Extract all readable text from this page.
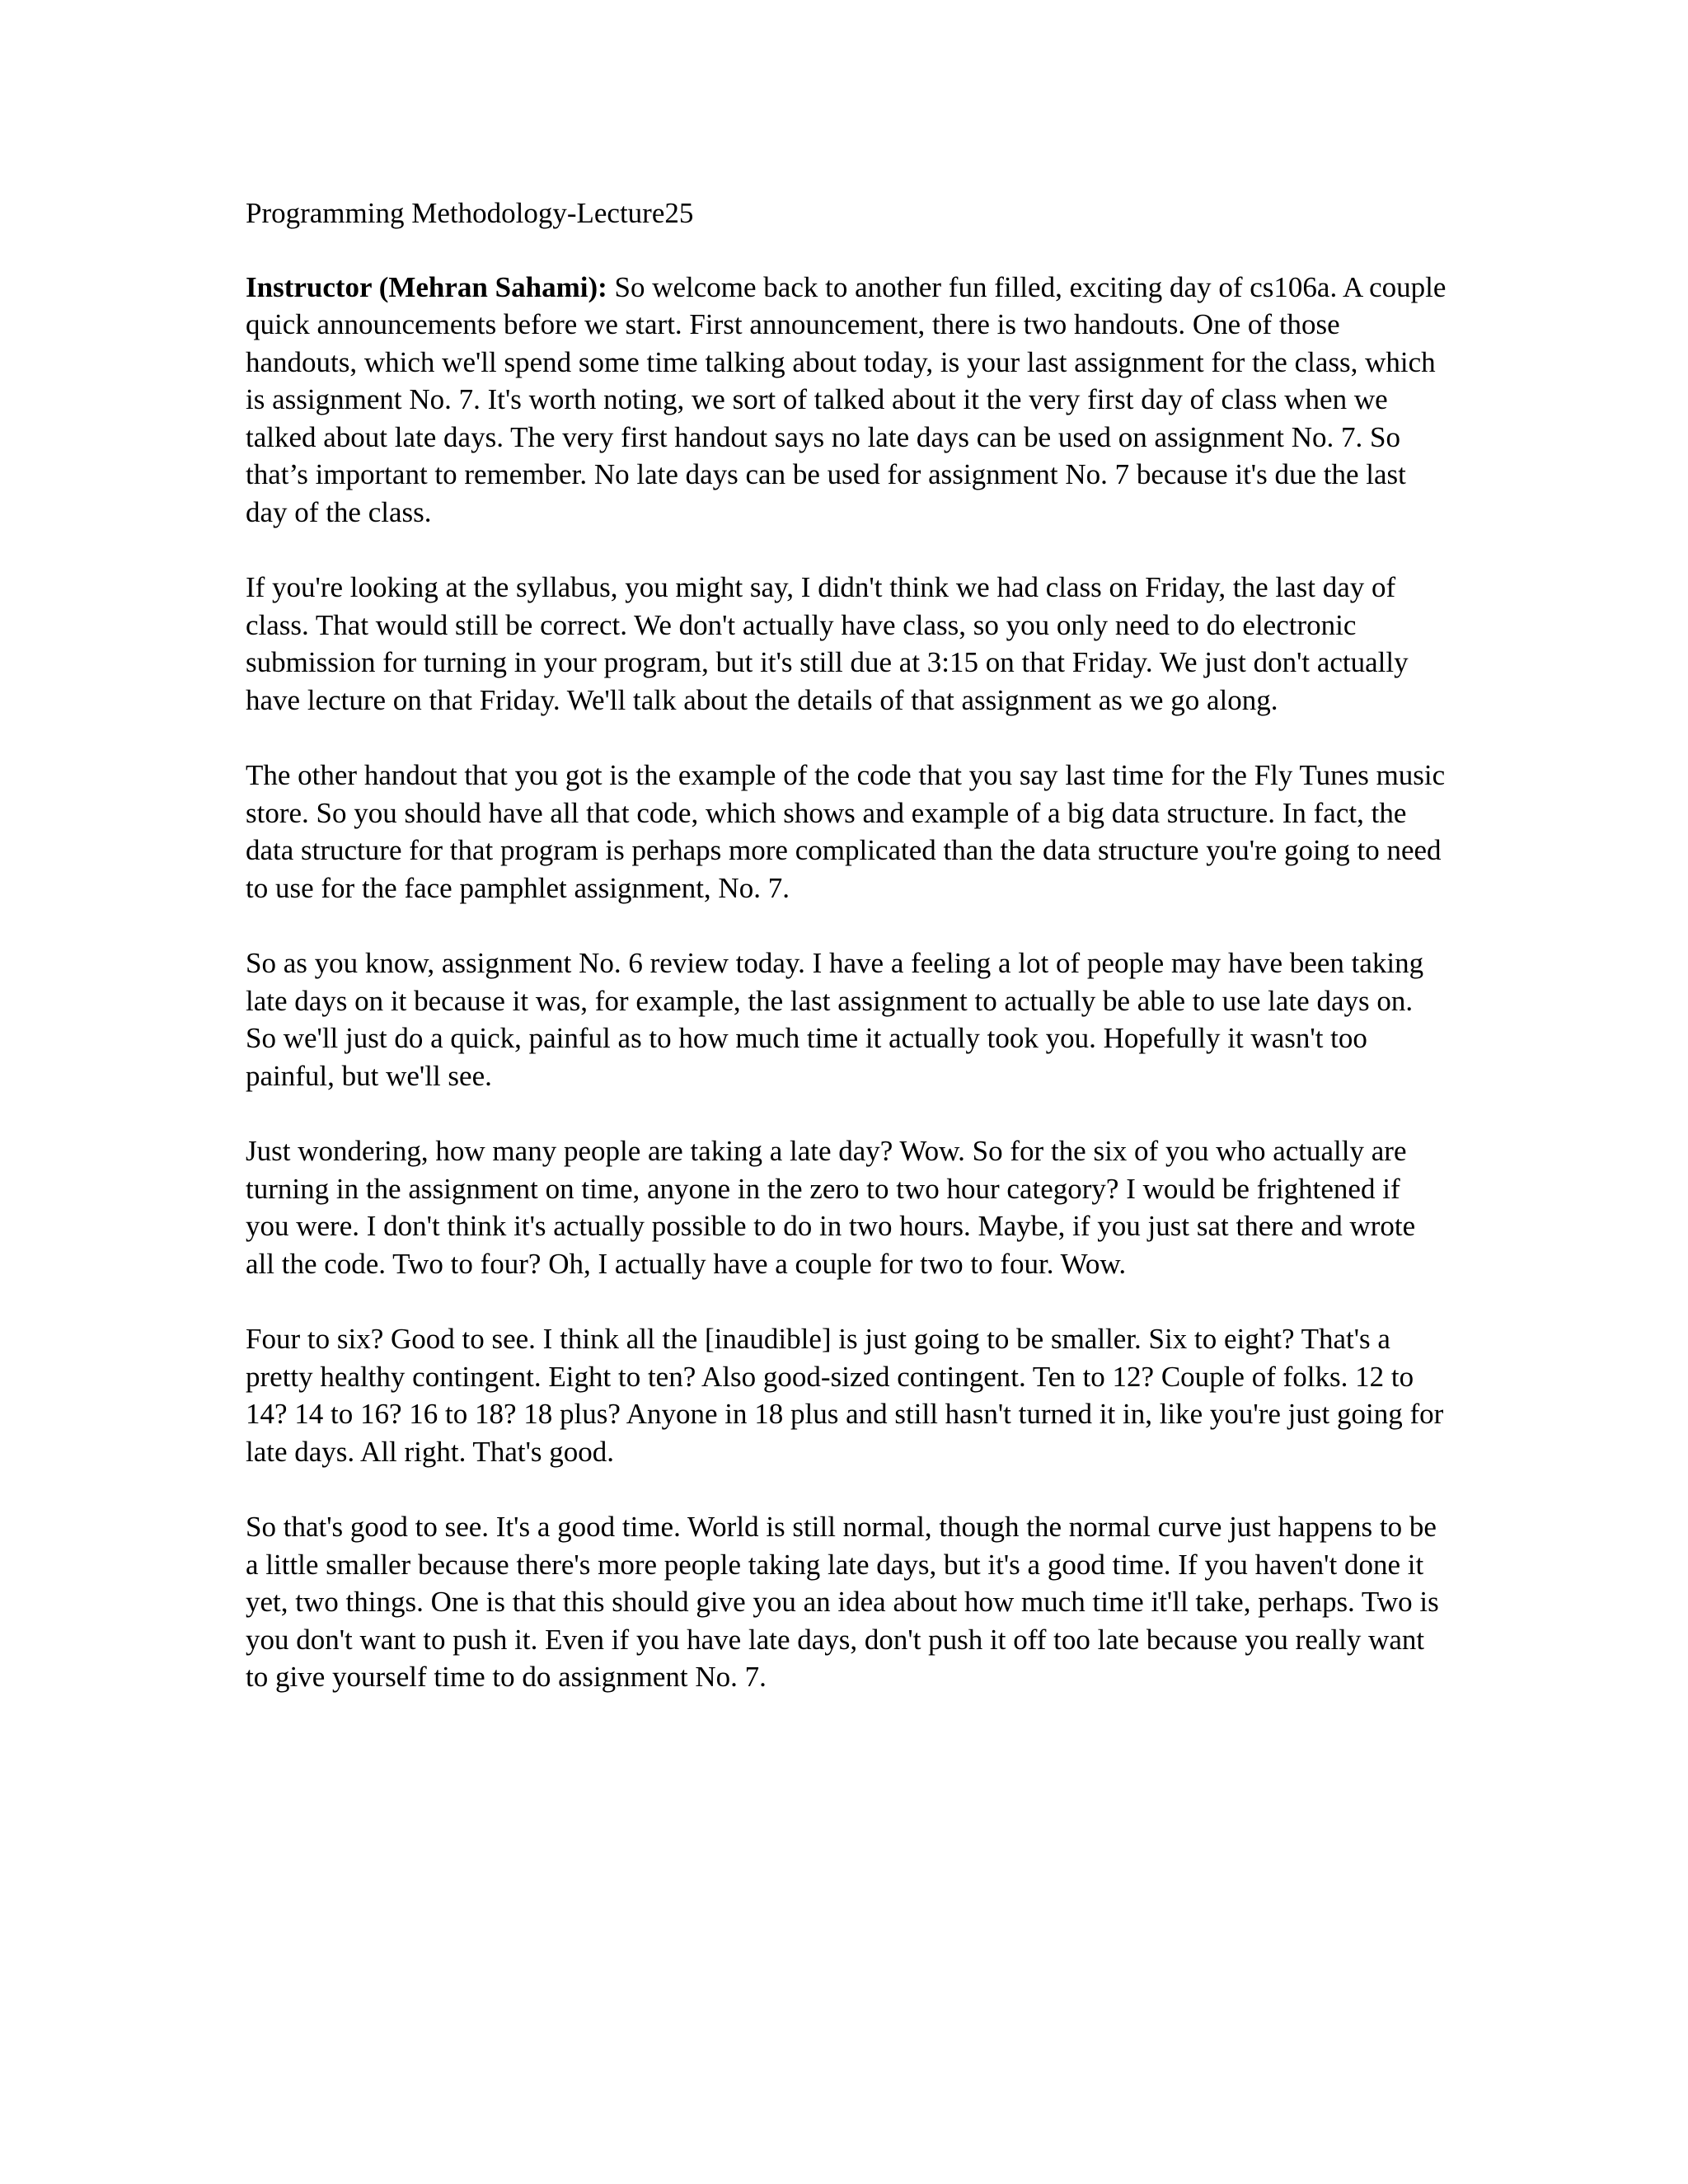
Programming Methodology-Lecture25

Instructor (Mehran Sahami): So welcome back to another fun filled, exciting day of cs106a. A couple quick announcements before we start. First announcement, there is two handouts. One of those handouts, which we'll spend some time talking about today, is your last assignment for the class, which is assignment No. 7. It's worth noting, we sort of talked about it the very first day of class when we talked about late days. The very first handout says no late days can be used on assignment No. 7. So that’s important to remember. No late days can be used for assignment No. 7 because it's due the last day of the class.

If you're looking at the syllabus, you might say, I didn't think we had class on Friday, the last day of class. That would still be correct. We don't actually have class, so you only need to do electronic submission for turning in your program, but it's still due at 3:15 on that Friday. We just don't actually have lecture on that Friday. We'll talk about the details of that assignment as we go along.

The other handout that you got is the example of the code that you say last time for the Fly Tunes music store. So you should have all that code, which shows and example of a big data structure. In fact, the data structure for that program is perhaps more complicated than the data structure you're going to need to use for the face pamphlet assignment, No. 7.

So as you know, assignment No. 6 review today. I have a feeling a lot of people may have been taking late days on it because it was, for example, the last assignment to actually be able to use late days on. So we'll just do a quick, painful as to how much time it actually took you. Hopefully it wasn't too painful, but we'll see.

Just wondering, how many people are taking a late day? Wow. So for the six of you who actually are turning in the assignment on time, anyone in the zero to two hour category? I would be frightened if you were. I don't think it's actually possible to do in two hours. Maybe, if you just sat there and wrote all the code. Two to four? Oh, I actually have a couple for two to four. Wow.

Four to six? Good to see. I think all the [inaudible] is just going to be smaller. Six to eight? That's a pretty healthy contingent. Eight to ten? Also good-sized contingent. Ten to 12? Couple of folks. 12 to 14? 14 to 16? 16 to 18? 18 plus? Anyone in 18 plus and still hasn't turned it in, like you're just going for late days. All right. That's good.

So that's good to see. It's a good time. World is still normal, though the normal curve just happens to be a little smaller because there's more people taking late days, but it's a good time. If you haven't done it yet, two things. One is that this should give you an idea about how much time it'll take, perhaps. Two is you don't want to push it. Even if you have late days, don't push it off too late because you really want to give yourself time to do assignment No. 7.
